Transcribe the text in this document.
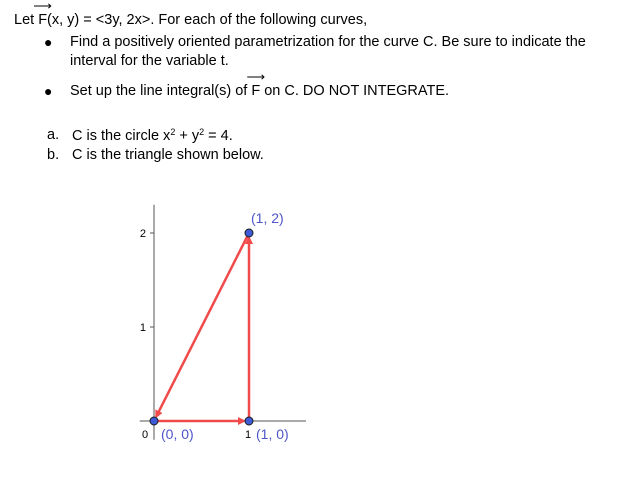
Let
⟶
F(x, y) = <3y, 2x>. For each of the following curves,
● Find a positively oriented parametrization for the curve C. Be sure to indicate the
interval for the variable t.
● Set up the line integral(s) of
⟶
F on C. DO NOT INTEGRATE.
a. C is the circle $x^2 + y^2 = 4$.
b. C is the triangle shown below.
1
2
0	1
(0, 0)	(1, 0)
(1, 2)
